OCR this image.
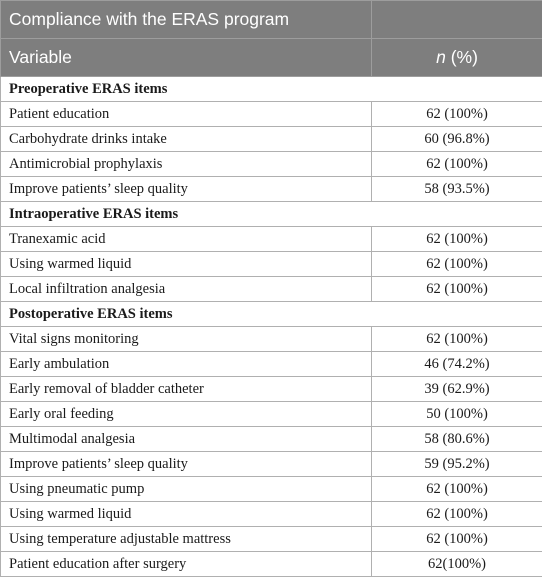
Compliance with the ERAS program	
Variable	n (%)
Preoperative ERAS items	
Patient education	62 (100%)
Carbohydrate drinks intake	60 (96.8%)
Antimicrobial prophylaxis	62 (100%)
Improve patients’ sleep quality	58 (93.5%)
Intraoperative ERAS items	
Tranexamic acid	62 (100%)
Using warmed liquid	62 (100%)
Local infiltration analgesia	62 (100%)
Postoperative ERAS items	
Vital signs monitoring	62 (100%)
Early ambulation	46 (74.2%)
Early removal of bladder catheter	39 (62.9%)
Early oral feeding	50 (100%)
Multimodal analgesia	58 (80.6%)
Improve patients’ sleep quality	59 (95.2%)
Using pneumatic pump	62 (100%)
Using warmed liquid	62 (100%)
Using temperature adjustable mattress	62 (100%)
Patient education after surgery	62(100%)
